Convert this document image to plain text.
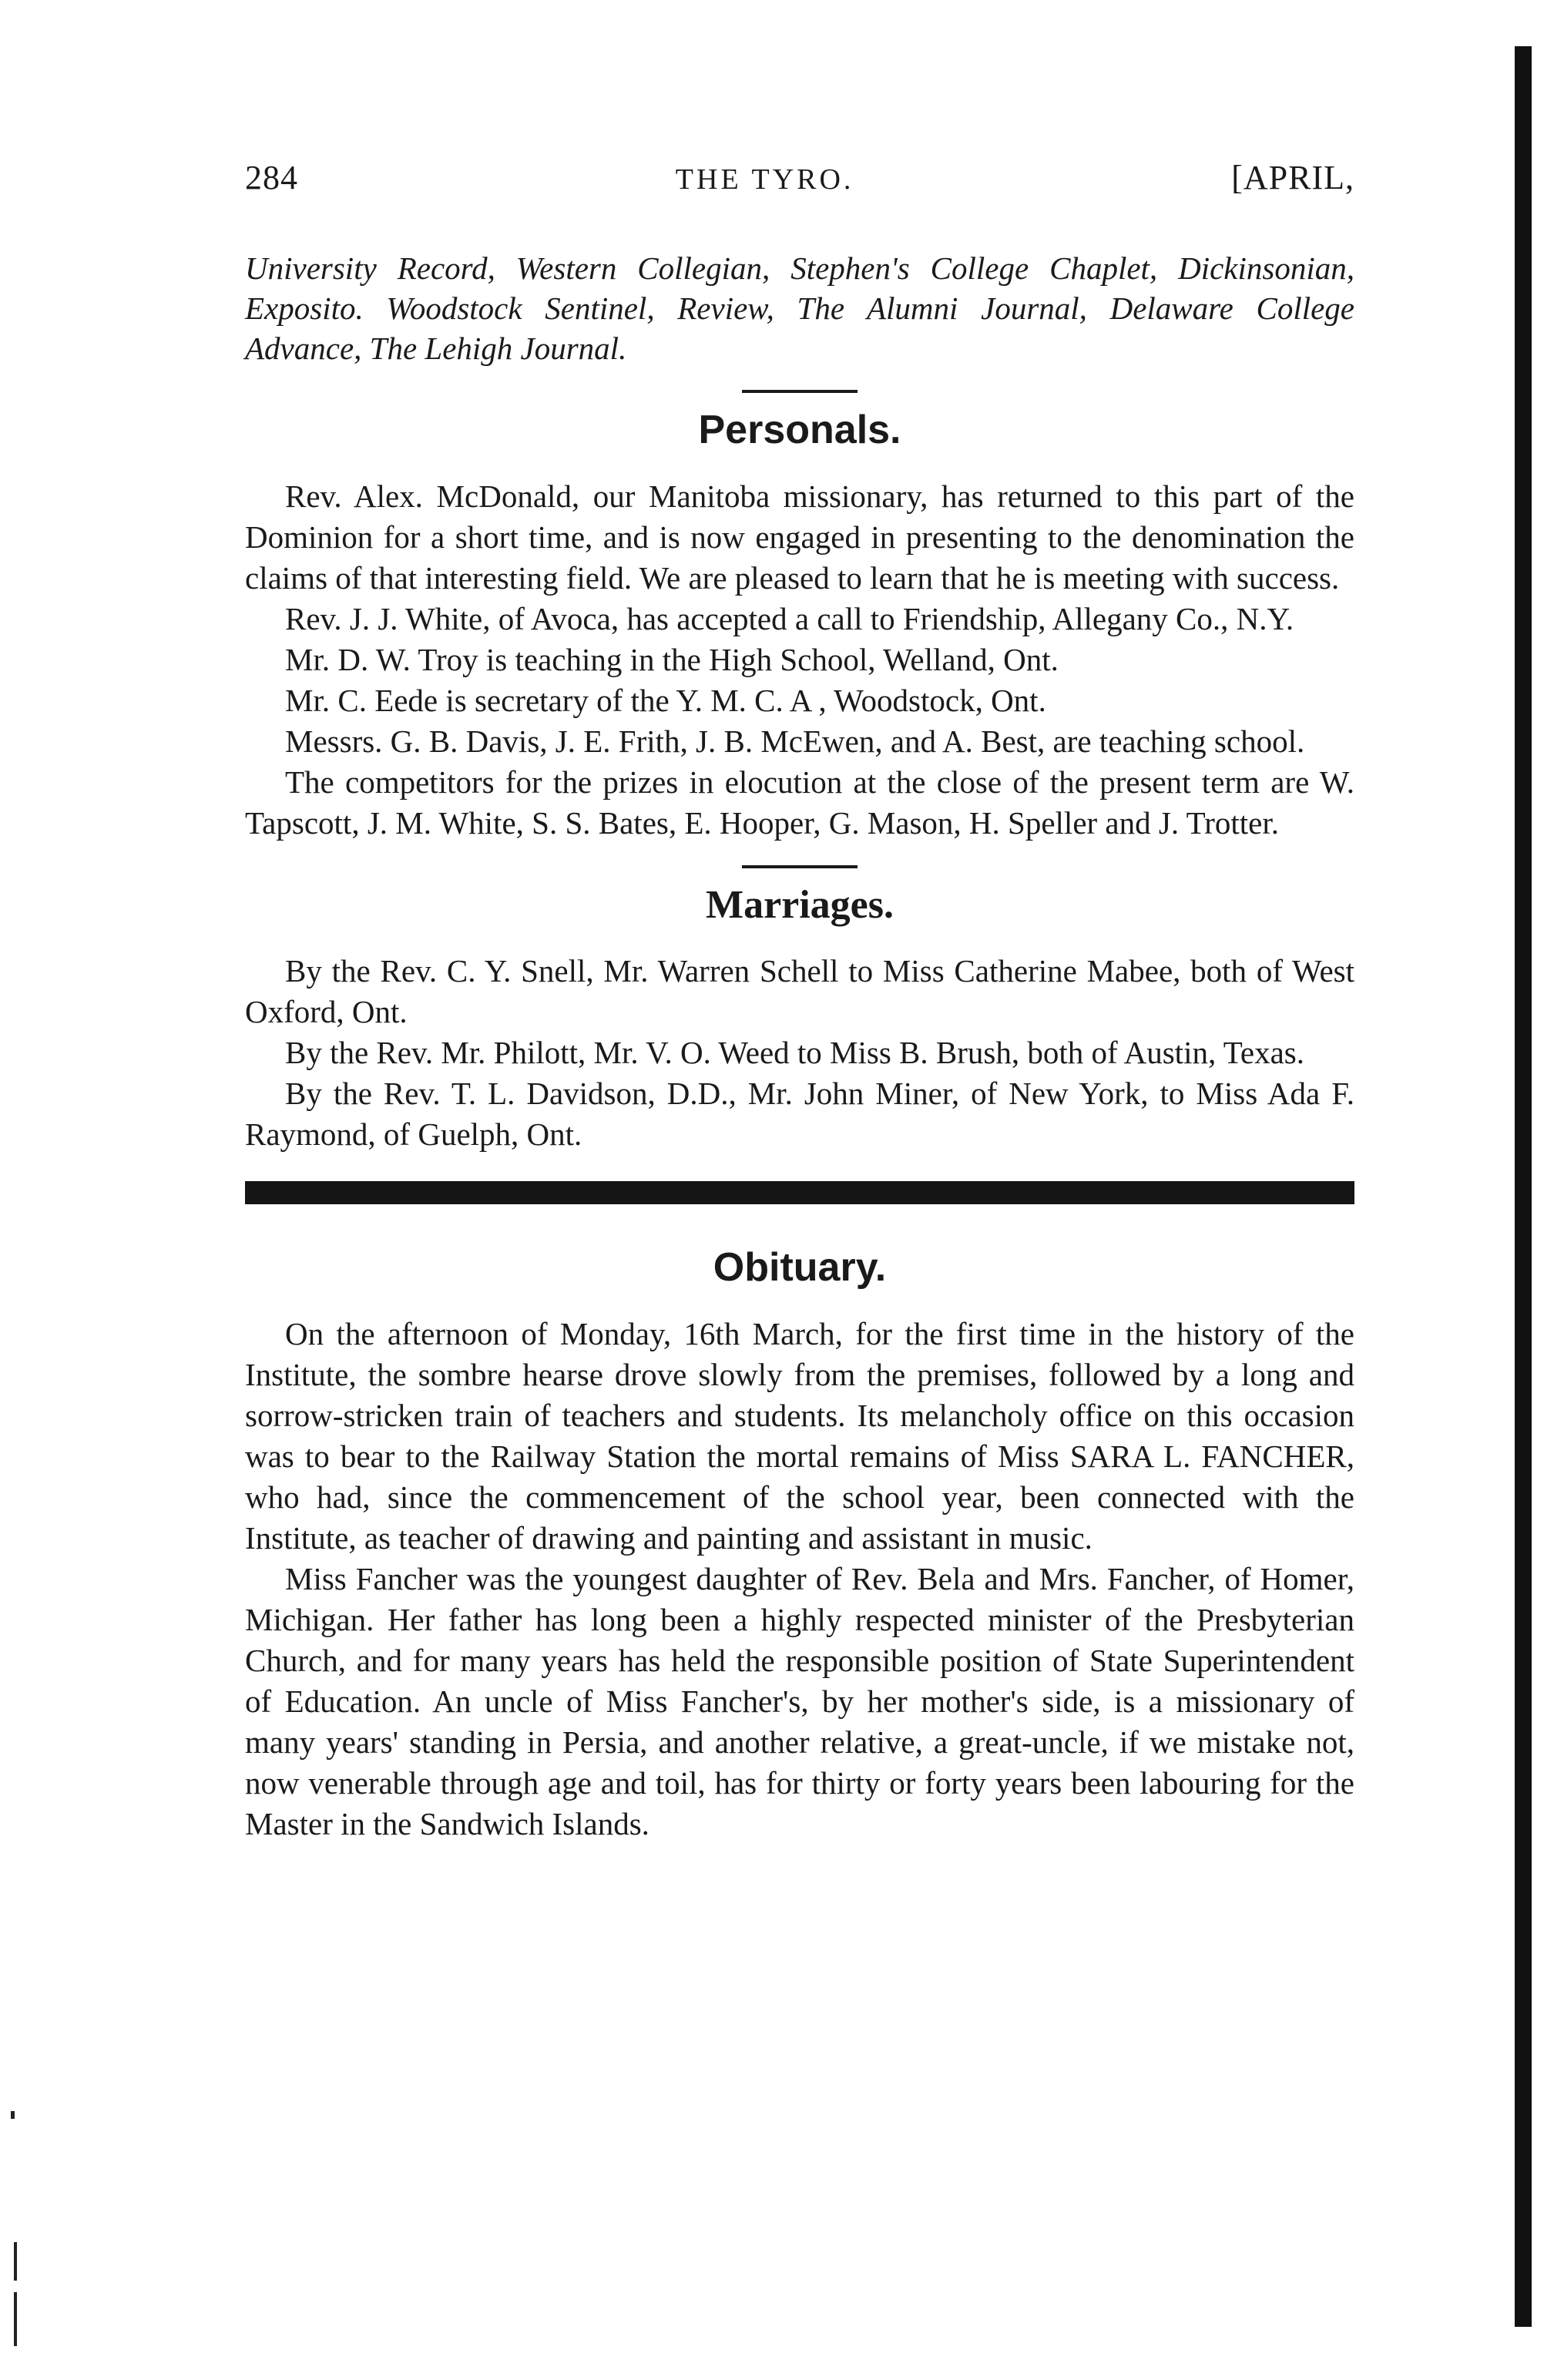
284	THE TYRO.	[APRIL,
University Record, Western Collegian, Stephen's College Chaplet, Dickinsonian, Exposito. Woodstock Sentinel, Review, The Alumni Journal, Delaware College Advance, The Lehigh Journal.
Personals.

Rev. Alex. McDonald, our Manitoba missionary, has returned to this part of the Dominion for a short time, and is now engaged in presenting to the denomination the claims of that interesting field. We are pleased to learn that he is meeting with success.

Rev. J. J. White, of Avoca, has accepted a call to Friendship, Allegany Co., N.Y.

Mr. D. W. Troy is teaching in the High School, Welland, Ont.

Mr. C. Eede is secretary of the Y. M. C. A , Woodstock, Ont.

Messrs. G. B. Davis, J. E. Frith, J. B. McEwen, and A. Best, are teaching school.

The competitors for the prizes in elocution at the close of the present term are W. Tapscott, J. M. White, S. S. Bates, E. Hooper, G. Mason, H. Speller and J. Trotter.

Marriages.

By the Rev. C. Y. Snell, Mr. Warren Schell to Miss Catherine Mabee, both of West Oxford, Ont.

By the Rev. Mr. Philott, Mr. V. O. Weed to Miss B. Brush, both of Austin, Texas.

By the Rev. T. L. Davidson, D.D., Mr. John Miner, of New York, to Miss Ada F. Raymond, of Guelph, Ont.

Obituary.

On the afternoon of Monday, 16th March, for the first time in the history of the Institute, the sombre hearse drove slowly from the premises, followed by a long and sorrow-stricken train of teachers and students. Its melancholy office on this occasion was to bear to the Railway Station the mortal remains of Miss SARA L. FANCHER, who had, since the commencement of the school year, been connected with the Institute, as teacher of drawing and painting and assistant in music.

Miss Fancher was the youngest daughter of Rev. Bela and Mrs. Fancher, of Homer, Michigan. Her father has long been a highly respected minister of the Presbyterian Church, and for many years has held the responsible position of State Superintendent of Education. An uncle of Miss Fancher's, by her mother's side, is a missionary of many years' standing in Persia, and another relative, a great-uncle, if we mistake not, now venerable through age and toil, has for thirty or forty years been labouring for the Master in the Sandwich Islands.
